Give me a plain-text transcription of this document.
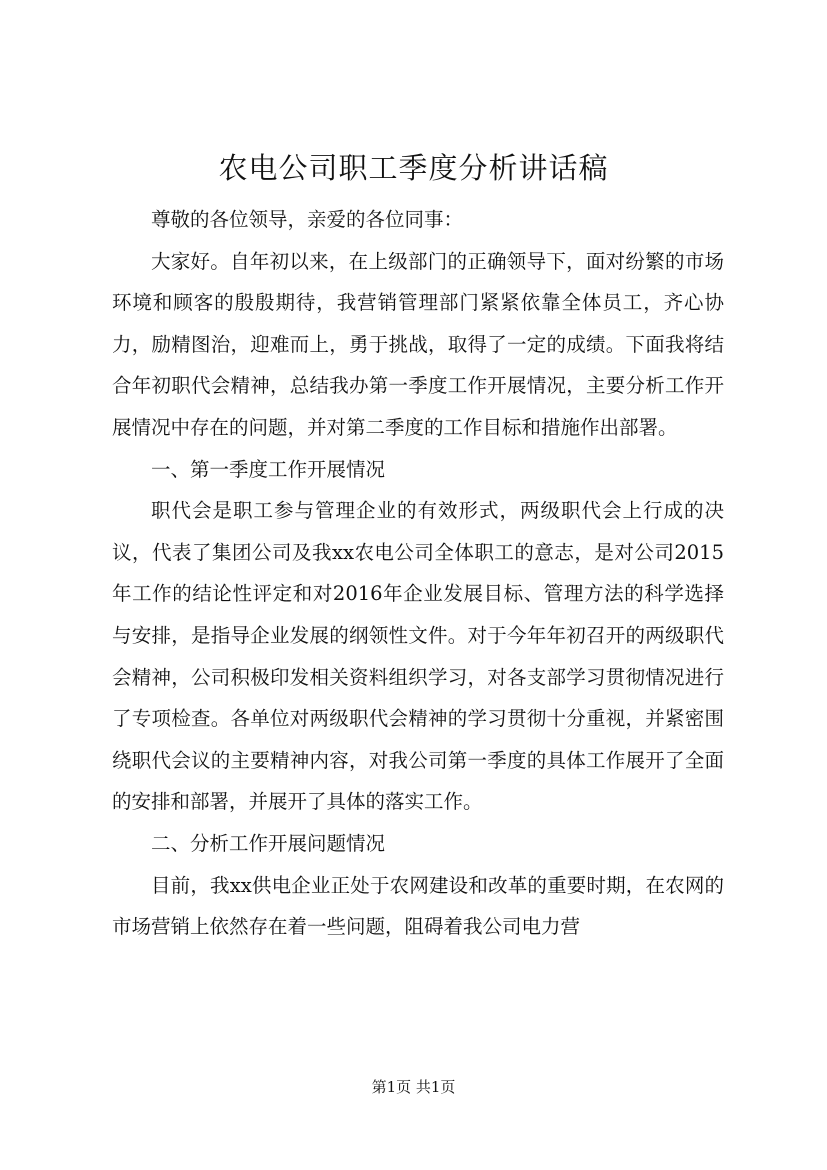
农电公司职工季度分析讲话稿

尊敬的各位领导，亲爱的各位同事：

大家好。自年初以来，在上级部门的正确领导下，面对纷繁的市场环境和顾客的殷殷期待，我营销管理部门紧紧依靠全体员工，齐心协力，励精图治，迎难而上，勇于挑战，取得了一定的成绩。下面我将结合年初职代会精神，总结我办第一季度工作开展情况，主要分析工作开展情况中存在的问题，并对第二季度的工作目标和措施作出部署。

一、第一季度工作开展情况

职代会是职工参与管理企业的有效形式，两级职代会上行成的决议，代表了集团公司及我xx农电公司全体职工的意志，是对公司2015年工作的结论性评定和对2016年企业发展目标、管理方法的科学选择与安排，是指导企业发展的纲领性文件。对于今年年初召开的两级职代会精神，公司积极印发相关资料组织学习，对各支部学习贯彻情况进行了专项检查。各单位对两级职代会精神的学习贯彻十分重视，并紧密围绕职代会议的主要精神内容，对我公司第一季度的具体工作展开了全面的安排和部署，并展开了具体的落实工作。

二、分析工作开展问题情况

目前，我xx供电企业正处于农网建设和改革的重要时期，在农网的市场营销上依然存在着一些问题，阻碍着我公司电力营

第1页 共1页
